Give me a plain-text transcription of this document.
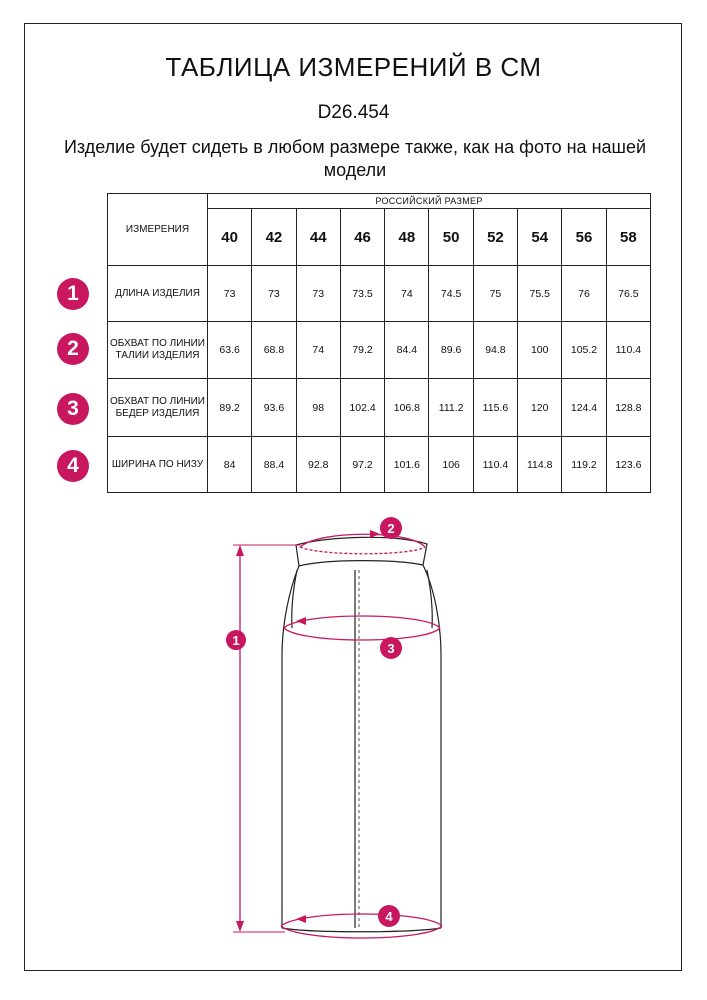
ТАБЛИЦА ИЗМЕРЕНИЙ В СМ
D26.454
Изделие будет сидеть в любом размере также, как на фото на нашей модели
ИЗМЕРЕНИЯ	РОССИЙСКИЙ РАЗМЕР									
	40	42	44	46	48	50	52	54	56	58
ДЛИНА ИЗДЕЛИЯ	73	73	73	73.5	74	74.5	75	75.5	76	76.5
ОБХВАТ ПО ЛИНИИ ТАЛИИ ИЗДЕЛИЯ	63.6	68.8	74	79.2	84.4	89.6	94.8	100	105.2	110.4
ОБХВАТ ПО ЛИНИИ БЕДЕР ИЗДЕЛИЯ	89.2	93.6	98	102.4	106.8	111.2	115.6	120	124.4	128.8
ШИРИНА ПО НИЗУ	84	88.4	92.8	97.2	101.6	106	110.4	114.8	119.2	123.6
1
2
3
4
1
2
3
4
